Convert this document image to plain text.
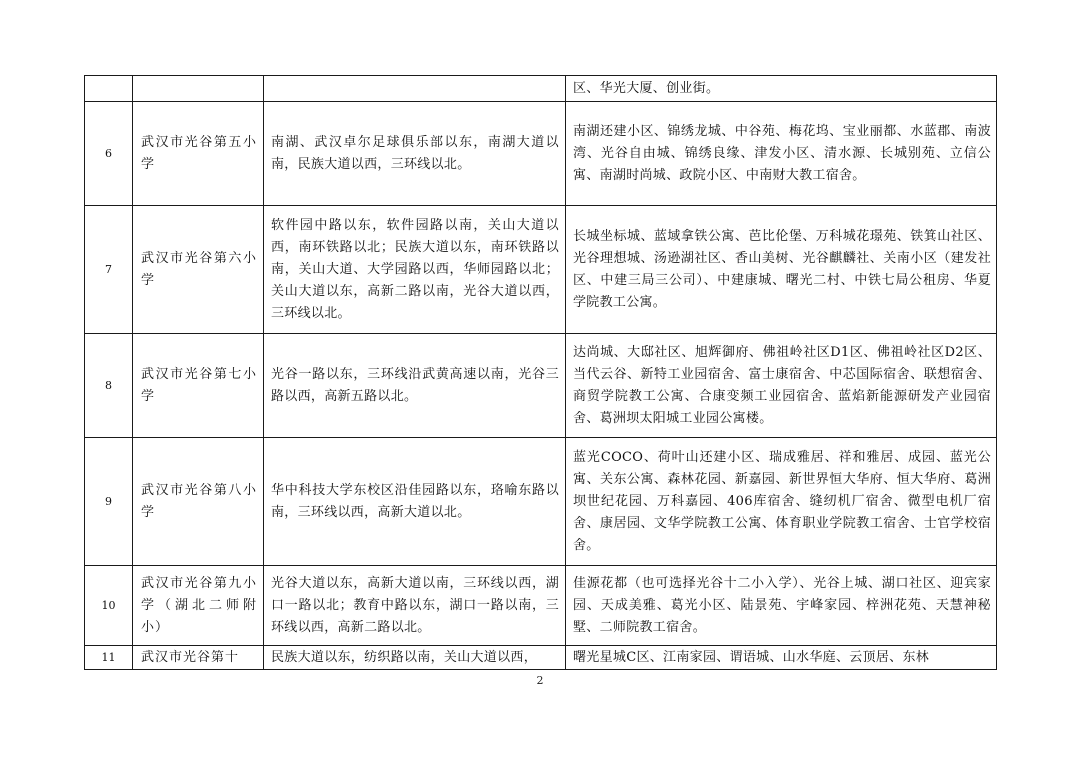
			区、华光大厦、创业街。

6	武汉市光谷第五小学	南湖、武汉卓尔足球俱乐部以东，南湖大道以南，民族大道以西，三环线以北。	南湖还建小区、锦绣龙城、中谷苑、梅花坞、宝业丽都、水蓝郡、南波湾、光谷自由城、锦绣良缘、津发小区、清水源、长城别苑、立信公寓、南湖时尚城、政院小区、中南财大教工宿舍。

7	武汉市光谷第六小学	软件园中路以东，软件园路以南，关山大道以西，南环铁路以北；民族大道以东，南环铁路以南，关山大道、大学园路以西，华师园路以北；关山大道以东，高新二路以南，光谷大道以西，三环线以北。	长城坐标城、蓝域拿铁公寓、芭比伦堡、万科城花璟苑、铁箕山社区、光谷理想城、汤逊湖社区、香山美树、光谷麒麟社、关南小区（建发社区、中建三局三公司）、中建康城、曙光二村、中铁七局公租房、华夏学院教工公寓。

8	武汉市光谷第七小学	光谷一路以东，三环线沿武黄高速以南，光谷三路以西，高新五路以北。	达尚城、大邸社区、旭辉御府、佛祖岭社区D1区、佛祖岭社区D2区、当代云谷、新特工业园宿舍、富士康宿舍、中芯国际宿舍、联想宿舍、商贸学院教工公寓、合康变频工业园宿舍、蓝焰新能源研发产业园宿舍、葛洲坝太阳城工业园公寓楼。

9	武汉市光谷第八小学	华中科技大学东校区沿佳园路以东，珞喻东路以南，三环线以西，高新大道以北。	蓝光COCO、荷叶山还建小区、瑞成雅居、祥和雅居、成园、蓝光公寓、关东公寓、森林花园、新嘉园、新世界恒大华府、恒大华府、葛洲坝世纪花园、万科嘉园、406库宿舍、缝纫机厂宿舍、微型电机厂宿舍、康居园、文华学院教工公寓、体育职业学院教工宿舍、士官学校宿舍。

10	武汉市光谷第九小学（湖北二师附小）	光谷大道以东，高新大道以南，三环线以西，湖口一路以北；教育中路以东，湖口一路以南，三环线以西，高新二路以北。	佳源花都（也可选择光谷十二小入学）、光谷上城、湖口社区、迎宾家园、天成美雅、葛光小区、陆景苑、宇峰家园、梓洲花苑、天慧神秘墅、二师院教工宿舍。

11	武汉市光谷第十	民族大道以东，纺织路以南，关山大道以西，	曙光星城C区、江南家园、谓语城、山水华庭、云顶居、东林
2
